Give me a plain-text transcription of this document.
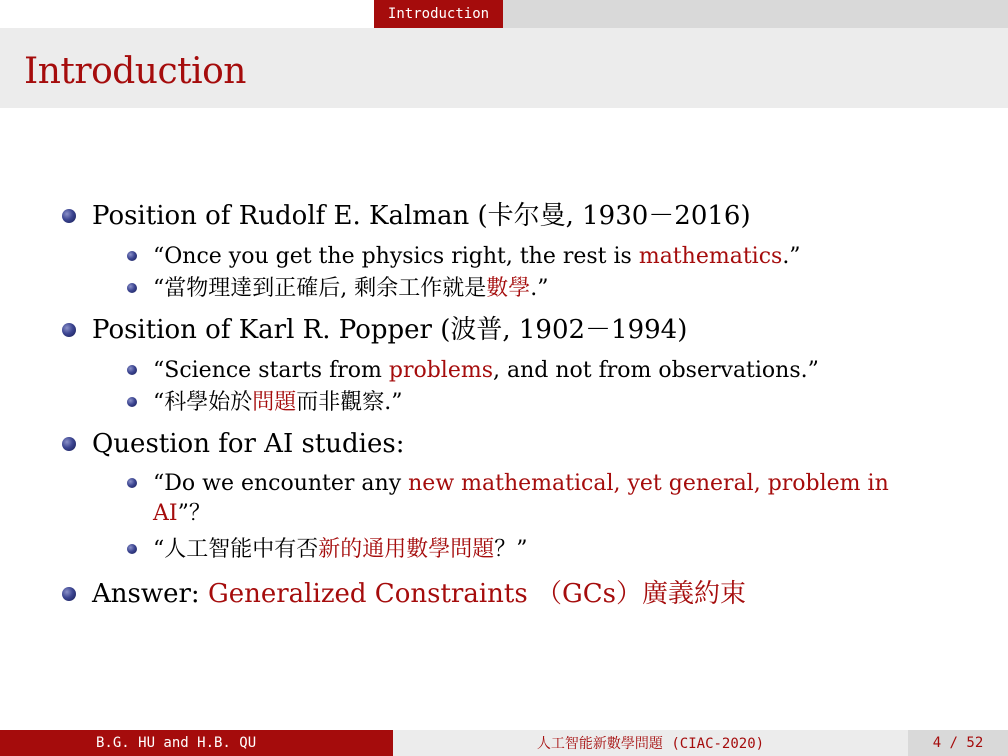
Introduction
Introduction
Position of Rudolf E. Kalman (卡尔曼, 1930－2016)
“Once you get the physics right, the rest is mathematics.”
“當物理達到正確后, 剩余工作就是數學.”
Position of Karl R. Popper (波普, 1902－1994)
“Science starts from problems, and not from observations.”
“科學始於問題而非觀察.”
Question for AI studies:
“Do we encounter any new mathematical, yet general, problem in AI”？
“人工智能中有否新的通用數學問題？”
Answer: Generalized Constraints （GCs）廣義約束
B.G. HU and H.B. QU	人工智能新數學問題 (CIAC-2020)	4 / 52
